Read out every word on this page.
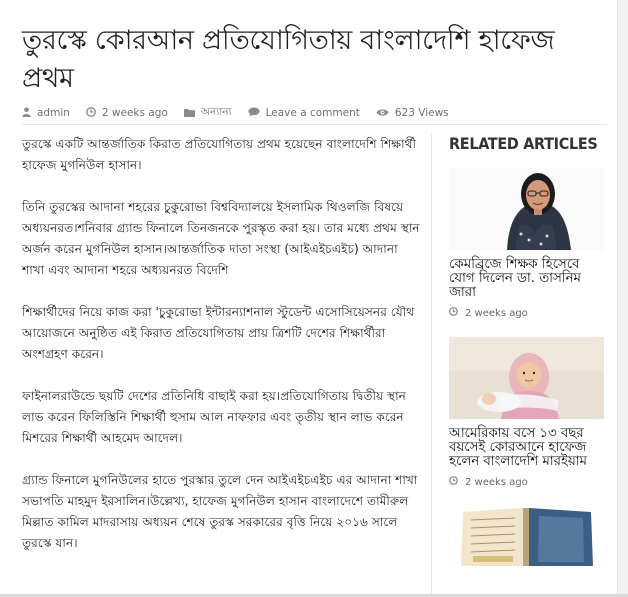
তুরস্কে কোরআন প্রতিযোগিতায় বাংলাদেশি হাফেজ প্রথম
admin	2 weeks ago	অন্যান্য	Leave a comment	623 Views

তুরস্কে একটি আন্তর্জাতিক কিরাত প্রতিযোগিতায় প্রথম হয়েছেন বাংলাদেশি শিক্ষার্থী হাফেজ মুগনিউল হাসান।

তিনি তুরস্কের আদানা শহরের চুকুরোভা বিশ্ববিদ্যালয়ে ইসলামিক থিওলজি বিষয়ে অধ্যয়নরত।শনিবার গ্র্যান্ড ফিনালে তিনজনকে পুরস্কৃত করা হয়। তার মধ্যে প্রথম স্থান অর্জন করেন মুগনিউল হাসান।আন্তর্জাতিক দাতা সংস্থা (আইএইচএইচ) আদানা শাখা এবং আদানা শহরে অধ্যয়নরত বিদেশি

শিক্ষার্থীদের নিয়ে কাজ করা 'চুকুরোভা ইন্টারন্যাশনাল স্টুডেন্ট এসোসিয়েসনর যৌথ আয়োজনে অনুষ্ঠিত এই কিরাত প্রতিযোগিতায় প্রায় ত্রিশটি দেশের শিক্ষার্থীরা অংশগ্রহণ করেন।

ফাইনালরাউন্ডে ছয়টি দেশের প্রতিনিধি বাছাই করা হয়।প্রতিযোগিতায় দ্বিতীয় স্থান লাভ করেন ফিলিস্তিনি শিক্ষার্থী হুসাম আল নাফফার এবং তৃতীয় স্থান লাভ করেন মিশরের শিক্ষার্থী আহমেদ আদেল।

গ্র্যান্ড ফিনালে মুগনিউলের হাতে পুরস্কার তুলে দেন আইএইচএইচ এর আদানা শাখা সভাপতি মাহমুদ ইরসালিন।উল্লেখ্য, হাফেজ মুগনিউল হাসান বাংলাদেশে তামীরুল মিল্লাত কামিল মাদরাসায় অধ্যয়ন শেষে তুরস্ক সরকারের বৃত্তি নিয়ে ২০১৬ সালে তুরস্কে যান।

RELATED ARTICLES
কেমব্রিজে শিক্ষক হিসেবে যোগ দিলেন ডা. তাসনিম জারা
2 weeks ago
আমেরিকায় বসে ১৩ বছর বয়সেই কোরআনে হাফেজ হলেন বাংলাদেশি মারইয়াম
2 weeks ago
